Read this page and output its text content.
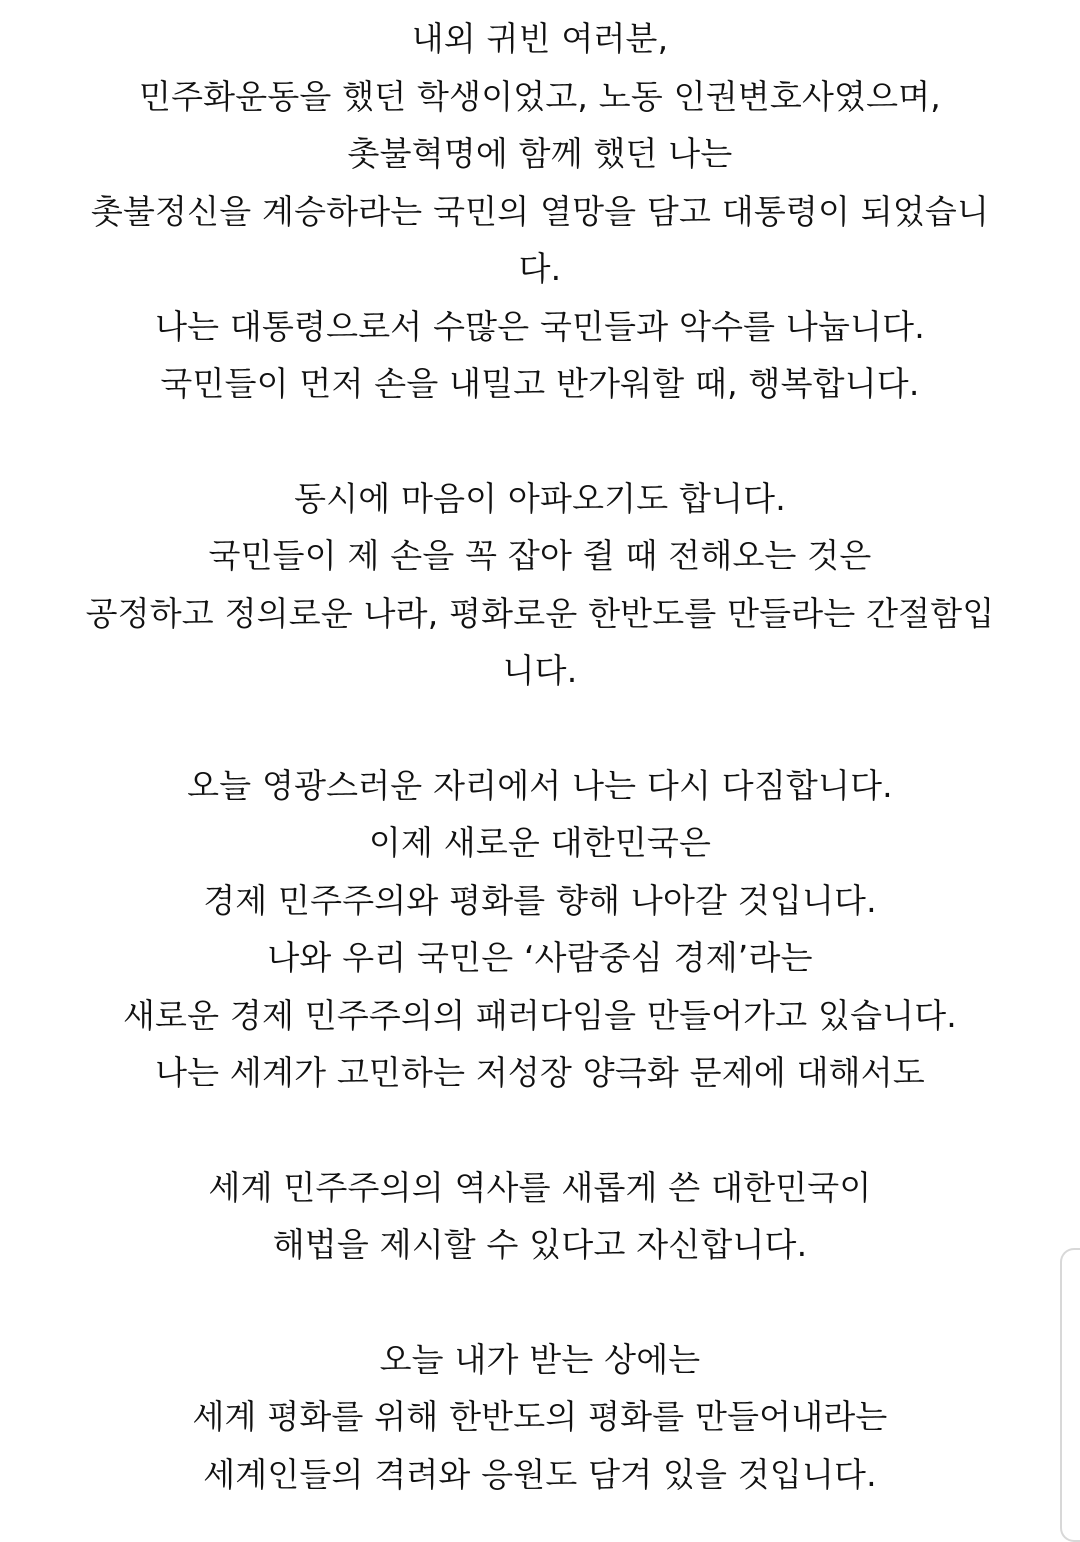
내외 귀빈 여러분,
민주화운동을 했던 학생이었고, 노동 인권변호사였으며,
촛불혁명에 함께 했던 나는
촛불정신을 계승하라는 국민의 열망을 담고 대통령이 되었습니
다.
나는 대통령으로서 수많은 국민들과 악수를 나눕니다.
국민들이 먼저 손을 내밀고 반가워할 때, 행복합니다.

동시에 마음이 아파오기도 합니다.
국민들이 제 손을 꼭 잡아 쥘 때 전해오는 것은
공정하고 정의로운 나라, 평화로운 한반도를 만들라는 간절함입
니다.

오늘 영광스러운 자리에서 나는 다시 다짐합니다.
이제 새로운 대한민국은
경제 민주주의와 평화를 향해 나아갈 것입니다.
나와 우리 국민은 ‘사람중심 경제’라는
새로운 경제 민주주의의 패러다임을 만들어가고 있습니다.
나는 세계가 고민하는 저성장 양극화 문제에 대해서도

세계 민주주의의 역사를 새롭게 쓴 대한민국이
해법을 제시할 수 있다고 자신합니다.

오늘 내가 받는 상에는
세계 평화를 위해 한반도의 평화를 만들어내라는
세계인들의 격려와 응원도 담겨 있을 것입니다.
